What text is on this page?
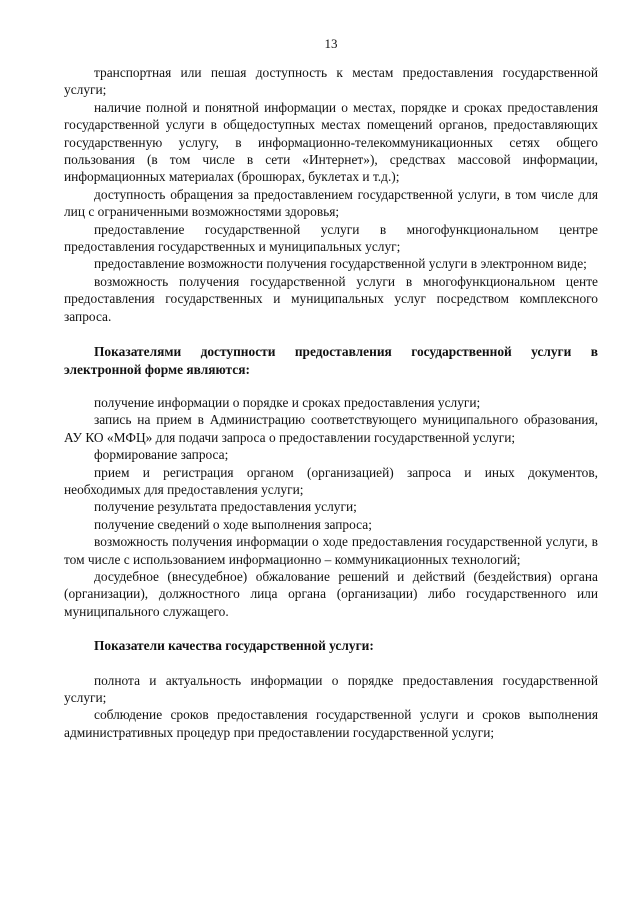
13

транспортная или пешая доступность к местам предоставления государственной услуги;

наличие полной и понятной информации о местах, порядке и сроках предоставления государственной услуги в общедоступных местах помещений органов, предоставляющих государственную услугу, в информационно-телекоммуникационных сетях общего пользования (в том числе в сети «Интернет»), средствах массовой информации, информационных материалах (брошюрах, буклетах и т.д.);

доступность обращения за предоставлением государственной услуги, в том числе для лиц с ограниченными возможностями здоровья;

предоставление государственной услуги в многофункциональном центре предоставления государственных и муниципальных услуг;

предоставление возможности получения государственной услуги в электронном виде;

возможность получения государственной услуги в многофункциональном центе предоставления государственных и муниципальных услуг посредством комплексного запроса.

Показателями доступности предоставления государственной услуги в электронной форме являются:

получение информации о порядке и сроках предоставления услуги;

запись на прием в Администрацию соответствующего муниципального образования, АУ КО «МФЦ» для подачи запроса о предоставлении государственной услуги;

формирование запроса;

прием и регистрация органом (организацией) запроса и иных документов, необходимых для предоставления услуги;

получение результата предоставления услуги;

получение сведений о ходе выполнения запроса;

возможность получения информации о ходе предоставления государственной услуги, в том числе с использованием информационно – коммуникационных технологий;

досудебное (внесудебное) обжалование решений и действий (бездействия) органа (организации), должностного лица органа (организации) либо государственного или муниципального служащего.

Показатели качества государственной услуги:

полнота и актуальность информации о порядке предоставления государственной услуги;

соблюдение сроков предоставления государственной услуги и сроков выполнения административных процедур при предоставлении государственной услуги;
